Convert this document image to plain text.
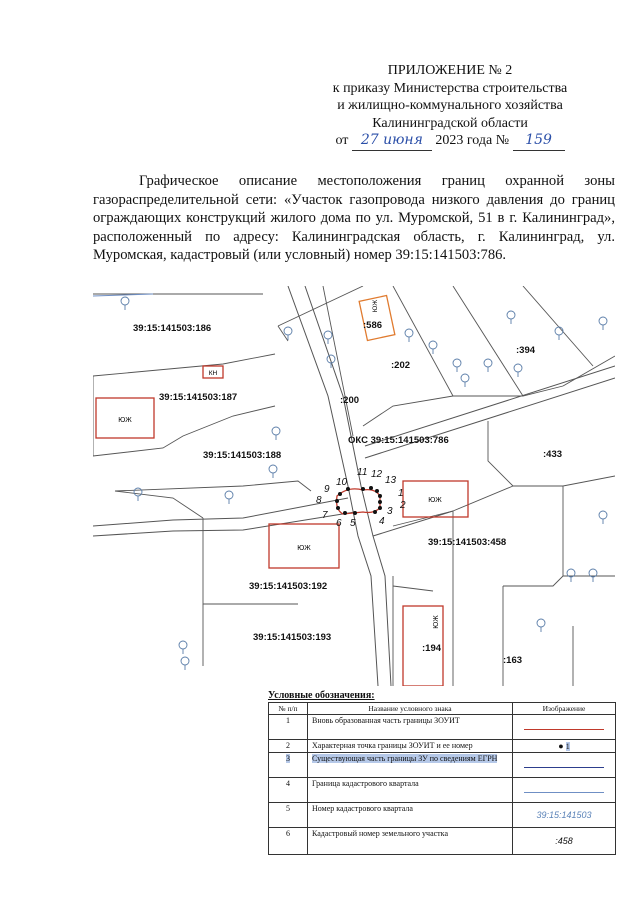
ПРИЛОЖЕНИЕ № 2
к приказу Министерства строительства
и жилищно-коммунального хозяйства
Калининградской области
от 27 июня 2023 года № 159

Графическое описание местоположения границ охранной зоны газораспределительной сети: «Участок газопровода низкого давления до границ ограждающих конструкций жилого дома по ул. Муромской, 51 в г. Калининград», расположенный по адресу: Калининградская область, г. Калининград, ул. Муромская, кадастровый (или условный) номер 39:15:141503:786.

ЮЖ
КН
ЮЖ
ЮЖ
ЮЖ
ЮЖ
1
2
3
4
5
6
7
8
9
10
11 12
13
39:15:141503:186
39:15:141503:187
39:15:141503:188
39:15:141503:192
39:15:141503:193
39:15:141503:458
:586
:202
:200
:394
:433
:194
:163
ОКС 39:15:141503:786
Условные обозначения:
№ п/п	Название условного знака	Изображение
1	Вновь образованная часть границы ЗОУИТ	
2	Характерная точка границы ЗОУИТ и ее номер	● 1
3	Существующая часть границы ЗУ по сведениям ЕГРН	
4	Граница кадастрового квартала	
5	Номер кадастрового квартала	39:15:141503
6	Кадастровый номер земельного участка	:458
